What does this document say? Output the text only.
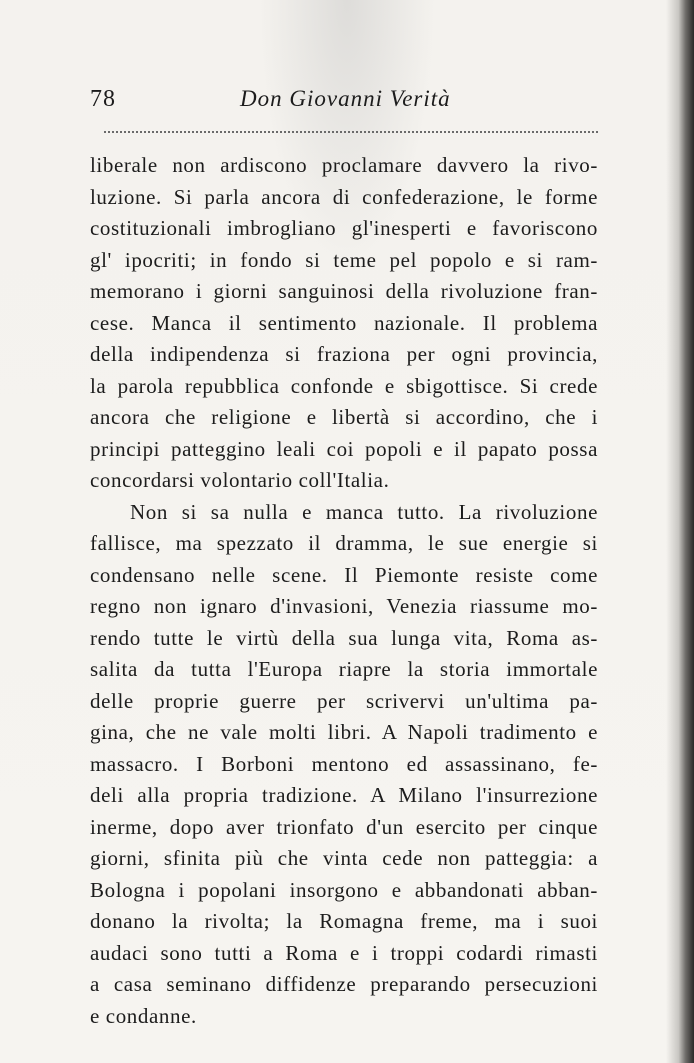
78	Don Giovanni Verità

liberale non ardiscono proclamare davvero la rivo-
luzione. Si parla ancora di confederazione, le forme
costituzionali imbrogliano gl'inesperti e favoriscono
gl' ipocriti; in fondo si teme pel popolo e si ram-
memorano i giorni sanguinosi della rivoluzione fran-
cese. Manca il sentimento nazionale. Il problema
della indipendenza si fraziona per ogni provincia,
la parola repubblica confonde e sbigottisce. Si crede
ancora che religione e libertà si accordino, che i
principi patteggino leali coi popoli e il papato possa
concordarsi volontario coll'Italia.

Non si sa nulla e manca tutto. La rivoluzione
fallisce, ma spezzato il dramma, le sue energie si
condensano nelle scene. Il Piemonte resiste come
regno non ignaro d'invasioni, Venezia riassume mo-
rendo tutte le virtù della sua lunga vita, Roma as-
salita da tutta l'Europa riapre la storia immortale
delle proprie guerre per scrivervi un'ultima pa-
gina, che ne vale molti libri. A Napoli tradimento e
massacro. I Borboni mentono ed assassinano, fe-
deli alla propria tradizione. A Milano l'insurrezione
inerme, dopo aver trionfato d'un esercito per cinque
giorni, sfinita più che vinta cede non patteggia: a
Bologna i popolani insorgono e abbandonati abban-
donano la rivolta; la Romagna freme, ma i suoi
audaci sono tutti a Roma e i troppi codardi rimasti
a casa seminano diffidenze preparando persecuzioni
e condanne.
